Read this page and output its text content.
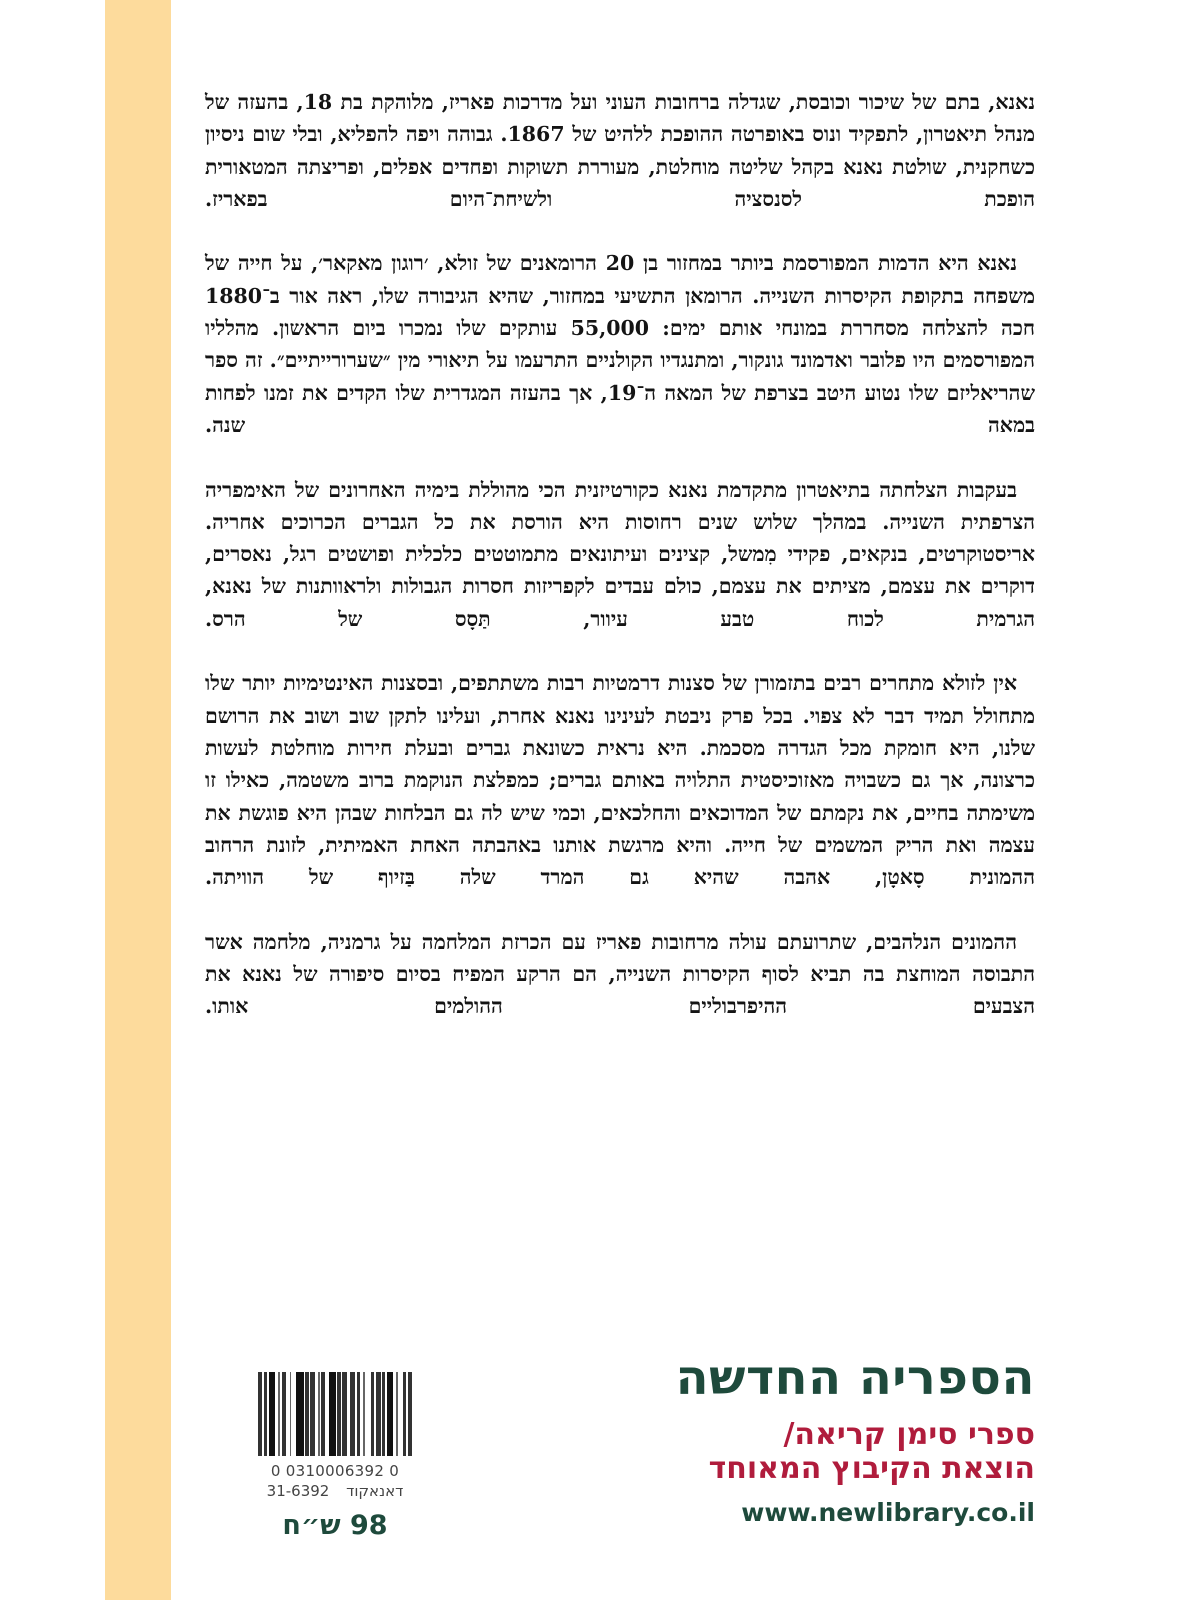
נאנא, בתם של שיכור וכובסת, שגדלה ברחובות העוני ועל מדרכות פאריז, מלוהקת בת 18, בהעזה של מנהל תיאטרון, לתפקיד ונוס באופרטה ההופכת ללהיט של 1867. גבוהה ויפה להפליא, ובלי שום ניסיון כשחקנית, שולטת נאנא בקהל שליטה מוחלטת, מעוררת תשוקות ופחדים אפלים, ופריצתה המטאורית הופכת לסנסציה ולשיחת־היום בפאריז.

נאנא היא הדמות המפורסמת ביותר במחזור בן 20 הרומאנים של זולא, ׳רוגון מאקאר׳, על חייה של משפחה בתקופת הקיסרות השנייה. הרומאן התשיעי במחזור, שהיא הגיבורה שלו, ראה אור ב־1880 חכה להצלחה מסחררת במונחי אותם ימים: 55,000 עותקים שלו נמכרו ביום הראשון. מהלליו המפורסמים היו פלובר ואדמונד גונקור, ומתנגדיו הקולניים התרעמו על תיאורי מין ״שערורייתיים״. זה ספר שהריאליזם שלו נטוע היטב בצרפת של המאה ה־19, אך בהעזה המגדרית שלו הקדים את זמנו לפחות במאה שנה.

בעקבות הצלחתה בתיאטרון מתקדמת נאנא כקורטיזנית הכי מהוללת בימיה האחרונים של האימפריה הצרפתית השנייה. במהלך שלוש שנים רחוסות היא הורסת את כל הגברים הכרוכים אחריה. אריסטוקרטים, בנקאים, פקידי מִמשל, קצינים ועיתונאים מתמוטטים כלכלית ופושטים רגל, נאסרים, דוקרים את עצמם, מציתים את עצמם, כולם עבדים לקפריזות חסרות הגבולות ולראוותנות של נאנא, הגרמית לכוח טבע עיוור, תַּסָס של הרס.

אין לזולא מתחרים רבים בתזמורן של סצנות דרמטיות רבות משתתפים, ובסצנות האינטימיות יותר שלו מתחולל תמיד דבר לא צפוי. בכל פרק ניבטת לעינינו נאנא אחרת, ועלינו לתקן שוב ושוב את הרושם שלנו, היא חומקת מכל הגדרה מסכמת. היא נראית כשונאת גברים ובעלת חירות מוחלטת לעשות כרצונה, אך גם כשבויה מאזוכיסטית התלויה באותם גברים; כמפלצת הנוקמת ברוב משטמה, כאילו זו משימתה בחיים, את נקמתם של המדוכאים והחלכאים, וכמי שיש לה גם הבלחות שבהן היא פוגשת את עצמה ואת הריק המשמים של חייה. והיא מרגשת אותנו באהבתה האחת האמיתית, לזונת הרחוב ההמונית סָאטָן, אהבה שהיא גם המרד שלה בַּזיוף של הוויתה.

ההמונים הנלהבים, שתרועתם עולה מרחובות פאריז עם הכרזת המלחמה על גרמניה, מלחמה אשר התבוסה המוחצת בה תביא לסוף הקיסרות השנייה, הם הרקע המפיח בסיום סיפורה של נאנא את הצבעים ההיפרבוליים ההולמים אותו.

0 0310006392 0
31-6392 דאנאקוד
98 ש״ח
הספריה החדשה
ספרי סימן קריאה/
הוצאת הקיבוץ המאוחד
www.newlibrary.co.il
